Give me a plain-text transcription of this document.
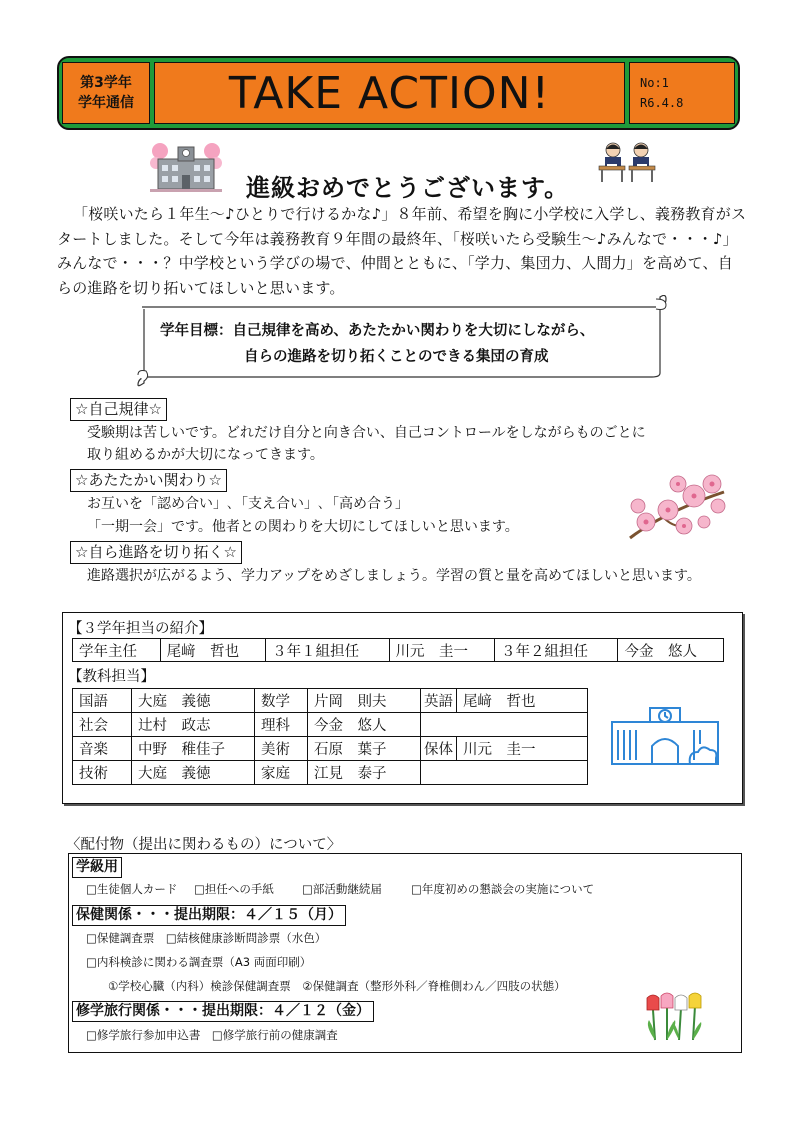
第3学年
学年通信	TAKE ACTION!	No:1
R6.4.8
進級おめでとうございます。
「桜咲いたら１年生～♪ひとりで行けるかな♪」８年前、希望を胸に小学校に入学し、義務教育がスタートしました。そして今年は義務教育９年間の最終年、「桜咲いたら受験生～♪みんなで・・・♪」みんなで・・・？中学校という学びの場で、仲間とともに、「学力、集団力、人間力」を高めて、自らの進路を切り拓いてほしいと思います。
学年目標：自己規律を高め、あたたかい関わりを大切にしながら、
自らの進路を切り拓くことのできる集団の育成
☆自己規律☆
受験期は苦しいです。どれだけ自分と向き合い、自己コントロールをしながらものごとに
取り組めるかが大切になってきます。
☆あたたかい関わり☆
お互いを「認め合い」､「支え合い」､「高め合う」
「一期一会」です。他者との関わりを大切にしてほしいと思います。
☆自ら進路を切り拓く☆
進路選択が広がるよう、学力アップをめざしましょう。学習の質と量を高めてほしいと思います。
【３学年担当の紹介】
学年主任	尾﨑　哲也	３年１組担任	川元　圭一	３年２組担任	今金　悠人
【教科担当】
国語	大庭　義徳	数学	片岡　則夫	英語	尾﨑　哲也
社会	辻村　政志	理科	今金　悠人		
音楽	中野　稚佳子	美術	石原　葉子	保体	川元　圭一
技術	大庭　義徳	家庭	江見　泰子		
〈配付物（提出に関わるもの）について〉
学級用
□生徒個人カード □担任への手紙 □部活動継続届	□年度初めの懇談会の実施について
保健関係・・・提出期限：４／１５（月）
□保健調査票　□結核健康診断問診票（水色）
□内科検診に関わる調査票（A3 両面印刷）
①学校心臓（内科）検診保健調査票　②保健調査（整形外科／脊椎側わん／四肢の状態）
修学旅行関係・・・提出期限：４／１２（金）
□修学旅行参加申込書　□修学旅行前の健康調査
